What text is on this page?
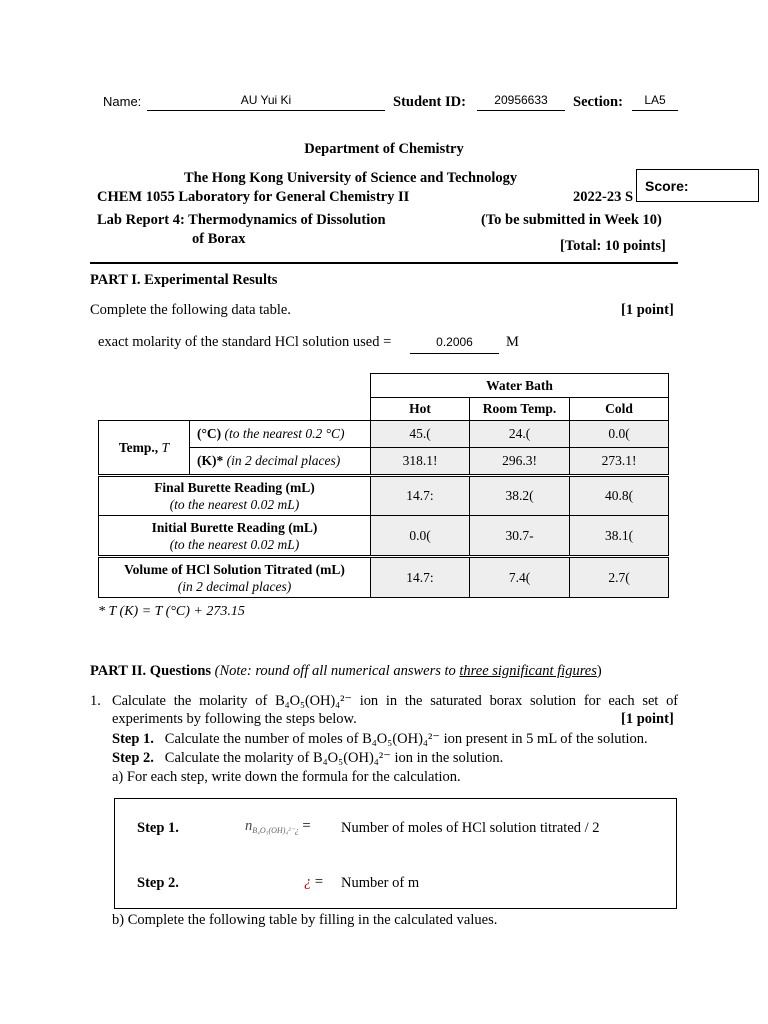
Name:	AU Yui Ki	Student ID:	20956633	Section:	LA5
Department of Chemistry
The Hong Kong University of Science and Technology
CHEM 1055 Laboratory for General Chemistry II	2022-23 S
Score:
Lab Report 4: Thermodynamics of Dissolution
of Borax
(To be submitted in Week 10)
[Total: 10 points]
PART I. Experimental Results
Complete the following data table.	[1 point]
exact molarity of the standard HCl solution used =	0.2006	M
		Water Bath		
		Hot	Room Temp.	Cold
Temp., T	(°C) (to the nearest 0.2 °C)	45.(	24.(	0.0(
	(K)* (in 2 decimal places)	318.1!	296.3!	273.1!

Final Burette Reading (mL)
(to the nearest 0.02 mL)		14.7:	38.2(	40.8(

Initial Burette Reading (mL)
(to the nearest 0.02 mL)		0.0(	30.7-	38.1(

Volume of HCl Solution Titrated (mL)
(in 2 decimal places)		14.7:	7.4(	2.7(
* T (K) = T (°C) + 273.15
PART II. Questions (Note: round off all numerical answers to three significant figures)
1. Calculate the molarity of B₄O₅(OH)₄²⁻ ion in the saturated borax solution for each set of
experiments by following the steps below.	[1 point]
Step 1. Calculate the number of moles of B₄O₅(OH)₄²⁻ ion present in 5 mL of the solution.
Step 2. Calculate the molarity of B₄O₅(OH)₄²⁻ ion in the solution.
a) For each step, write down the formula for the calculation.
Step 1.	$n_{B_4O_5(OH)_4^{2-}¿}$ = Number of moles of HCl solution titrated / 2
Step 2.	¿ = Number of m
b) Complete the following table by filling in the calculated values.
